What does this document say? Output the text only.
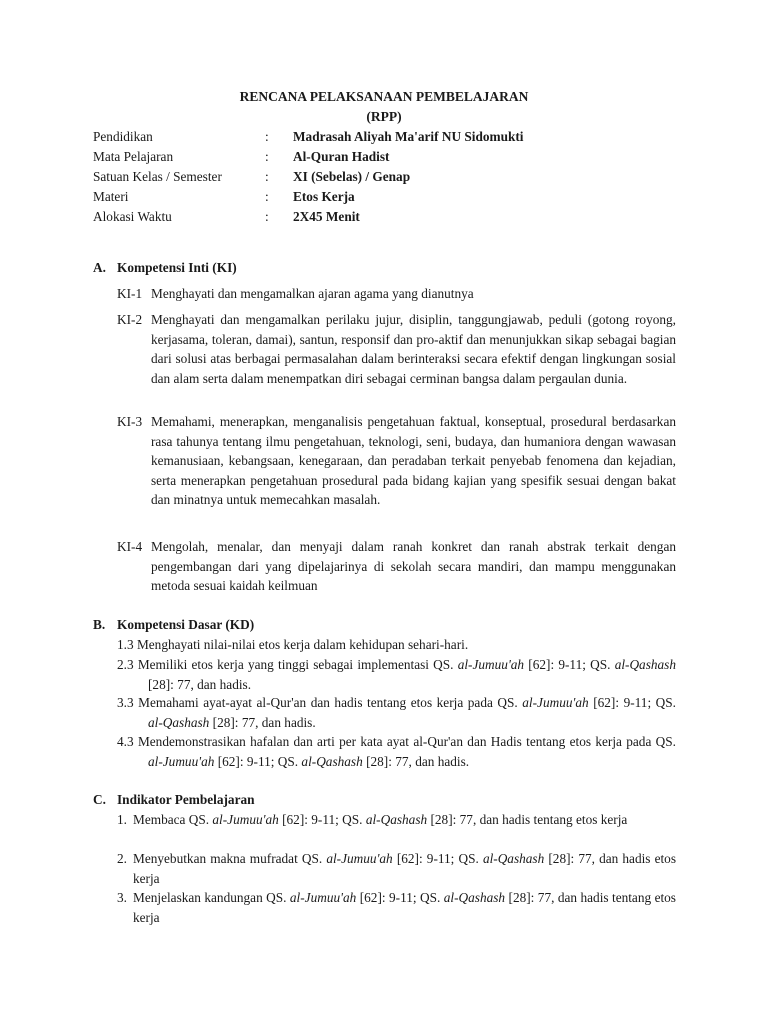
RENCANA PELAKSANAAN PEMBELAJARAN
(RPP)
Pendidikan	: Madrasah Aliyah Ma'arif NU Sidomukti
Mata Pelajaran	: Al-Quran Hadist
Satuan Kelas / Semester	: XI (Sebelas) / Genap
Materi	: Etos Kerja
Alokasi Waktu	: 2X45 Menit
A. Kompetensi Inti (KI)
KI-1 Menghayati dan mengamalkan ajaran agama yang dianutnya
KI-2 Menghayati dan mengamalkan perilaku jujur, disiplin, tanggungjawab, peduli (gotong royong, kerjasama, toleran, damai), santun, responsif dan pro-aktif dan menunjukkan sikap sebagai bagian dari solusi atas berbagai permasalahan dalam berinteraksi secara efektif dengan lingkungan sosial dan alam serta dalam menempatkan diri sebagai cerminan bangsa dalam pergaulan dunia.
KI-3 Memahami, menerapkan, menganalisis pengetahuan faktual, konseptual, prosedural berdasarkan rasa tahunya tentang ilmu pengetahuan, teknologi, seni, budaya, dan humaniora dengan wawasan kemanusiaan, kebangsaan, kenegaraan, dan peradaban terkait penyebab fenomena dan kejadian, serta menerapkan pengetahuan prosedural pada bidang kajian yang spesifik sesuai dengan bakat dan minatnya untuk memecahkan masalah.
KI-4 Mengolah, menalar, dan menyaji dalam ranah konkret dan ranah abstrak terkait dengan pengembangan dari yang dipelajarinya di sekolah secara mandiri, dan mampu menggunakan metoda sesuai kaidah keilmuan
B. Kompetensi Dasar (KD)
1.3 Menghayati nilai-nilai etos kerja dalam kehidupan sehari-hari.
2.3 Memiliki etos kerja yang tinggi sebagai implementasi QS. al-Jumuu'ah [62]: 9-11; QS. al-Qashash [28]: 77, dan hadis.
3.3 Memahami ayat-ayat al-Qur'an dan hadis tentang etos kerja pada QS. al-Jumuu'ah [62]: 9-11; QS. al-Qashash [28]: 77, dan hadis.
4.3 Mendemonstrasikan hafalan dan arti per kata ayat al-Qur'an dan Hadis tentang etos kerja pada QS. al-Jumuu'ah [62]: 9-11; QS. al-Qashash [28]: 77, dan hadis.
C. Indikator Pembelajaran
1. Membaca QS. al-Jumuu'ah [62]: 9-11; QS. al-Qashash [28]: 77, dan hadis tentang etos kerja
2. Menyebutkan makna mufradat QS. al-Jumuu'ah [62]: 9-11; QS. al-Qashash [28]: 77, dan hadis etos kerja
3. Menjelaskan kandungan QS. al-Jumuu'ah [62]: 9-11; QS. al-Qashash [28]: 77, dan hadis tentang etos kerja
